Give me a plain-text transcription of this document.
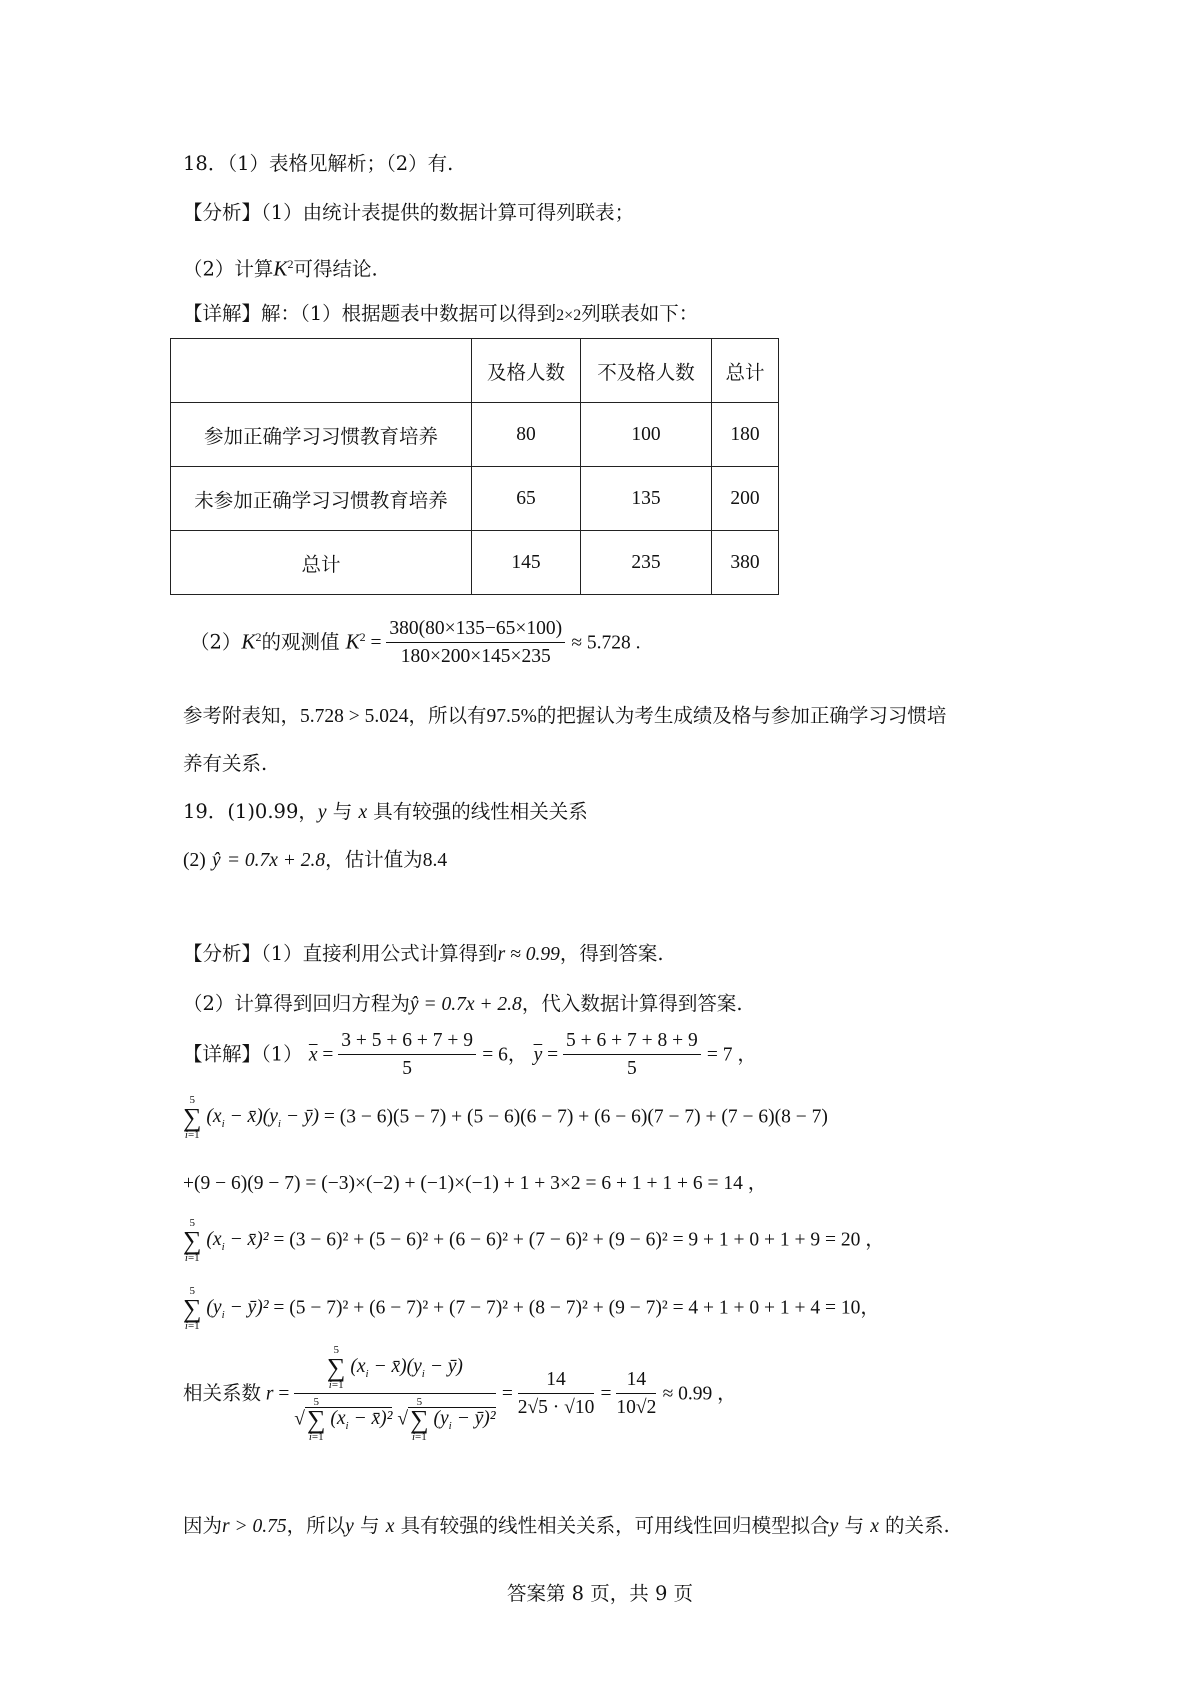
18．（1）表格见解析；（2）有.
【分析】（1）由统计表提供的数据计算可得列联表；
（2）计算$K^2$可得结论.
【详解】解：（1）根据题表中数据可以得到2×2列联表如下：
	及格人数	不及格人数	总计
参加正确学习习惯教育培养	80	100	180
未参加正确学习习惯教育培养	65	135	200
总计	145	235	380
$(2)K^2$的观测值 $K^2 = \frac{380(80\times 135-65\times 100)}{180\times 200\times 145\times 235} \approx 5.728$ .
参考附表知，5.728 > 5.024，所以有97.5%的把握认为考生成绩及格与参加正确学习习惯培
养有关系.
19．(1)0.99，y 与 x 具有较强的线性相关关系
(2) ŷ = 0.7x + 2.8，估计值为8.4
【分析】（1）直接利用公式计算得到r ≈ 0.99，得到答案.
（2）计算得到回归方程为ŷ = 0.7x + 2.8，代入数据计算得到答案.
【详解】（1） $\overline{x} = \frac{3 + 5 + 6 + 7 + 9}{5} = 6$， $\overline{y} = \frac{5 + 6 + 7 + 8 + 9}{5} = 7$ ，
5
∑
i=1 ($x_i$ − $x̄)(y_i$ − ȳ) = (3 − 6)(5 − 7) + (5 − 6)(6 − 7) + (6 − 6)(7 − 7) + (7 − 6)(8 − 7)
+(9 − 6)(9 − 7) = (−3)×(−2) + (−1)×(−1) + 1 + 3×2 = 6 + 1 + 1 + 6 = 14 ，
5
∑
i=1 ($x_i$ − x̄)² = (3 − 6)² + (5 − 6)² + (6 − 6)² + (7 − 6)² + (9 − 6)² = 9 + 1 + 0 + 1 + 9 = 20 ，
5
∑
i=1 ($y_i$ − ȳ)² = (5 − 7)² + (6 − 7)² + (7 − 7)² + (8 − 7)² + (9 − 7)² = 4 + 1 + 0 + 1 + 4 = 10，
相关系数 r = 5
∑
i=1 ($x_i$ − $x̄)(y_i$ − ȳ)
√5
∑
i=1 ($x_i$ − x̄)² √5
∑
i=1 ($y_i$ − ȳ)² = $\frac{14}{2√5 \cdot √10} = \frac{14}{10√2} \approx 0.99$ ，
因为r > 0.75，所以y 与 x 具有较强的线性相关关系，可用线性回归模型拟合y 与 x 的关系.
答案第 8 页，共 9 页
